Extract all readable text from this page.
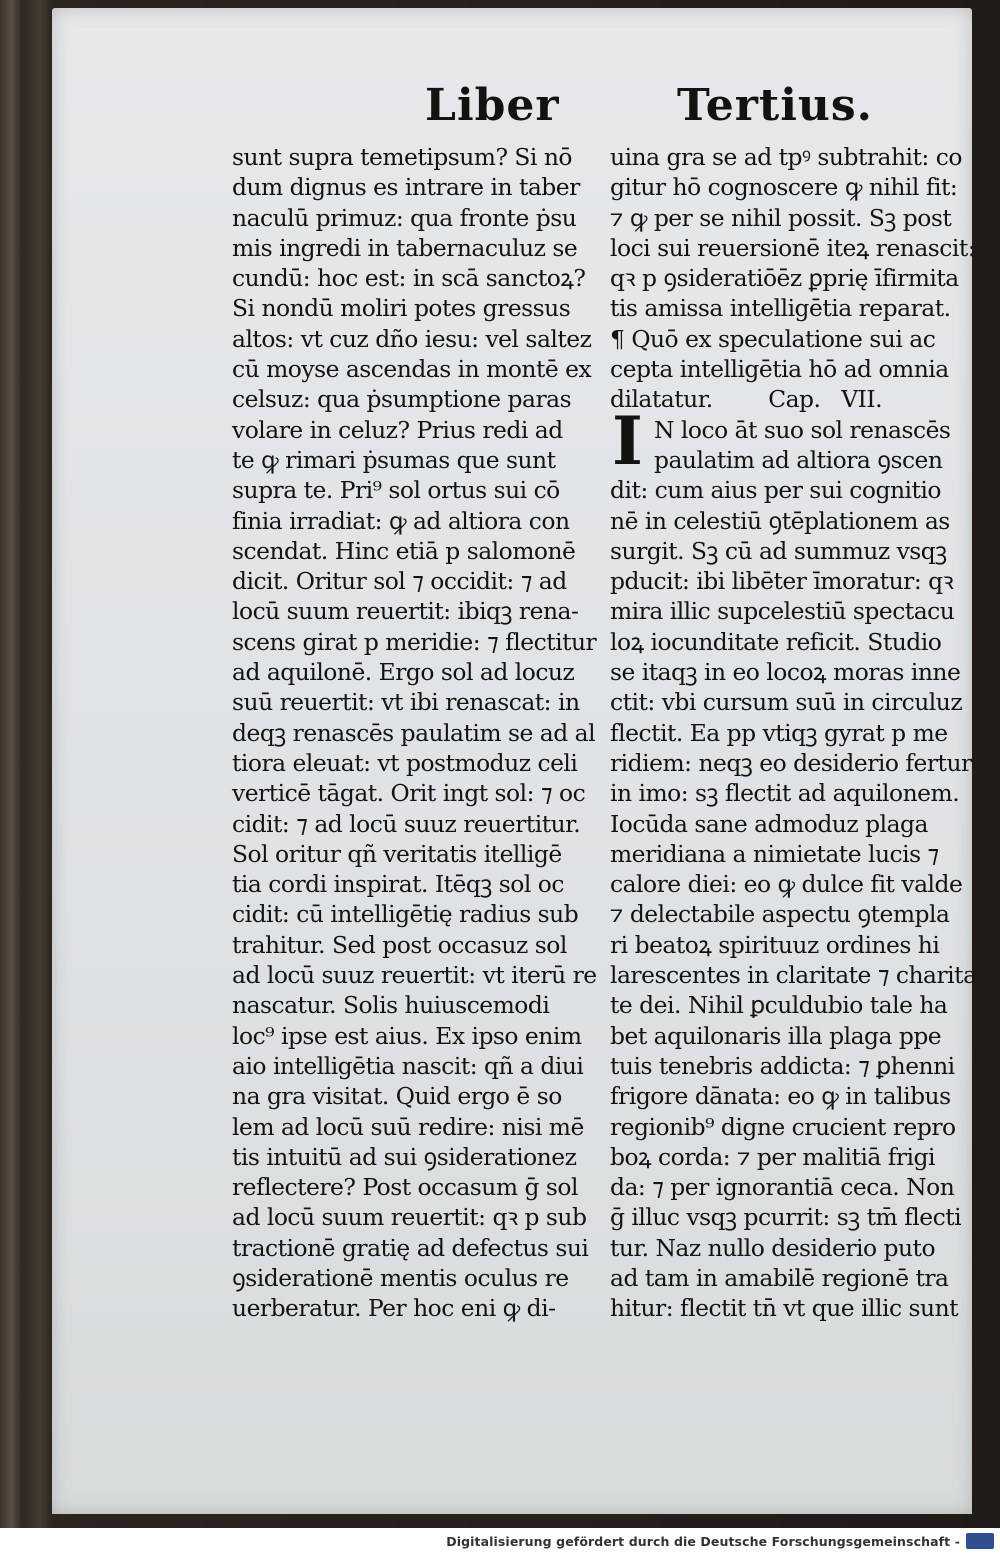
Liber	Tertius.
sunt supra temetipsum? Si nō
dum dignus es intrare in taber
naculū primuz: qua fronte ṗsu
mis ingredi in tabernaculuz se
cundū: hoc est: in scā sanctoꝝ?
Si nondū moliri potes gressus
altos: vt cuz dño iesu: vel saltez
cū moyse ascendas in montē ex
celsuz: qua ṗsumptione paras
volare in celuz? Prius redi ad
te ꝙ rimari ṗsumas que sunt
supra te. Pri⁹ sol ortus sui cō
finia irradiat: ꝙ ad altiora con
scendat. Hinc etiā p salomonē
dicit. Oritur sol ⁊ occidit: ⁊ ad
locū suum reuertit: ibiqꝫ rena-
scens girat p meridie: ⁊ flectitur
ad aquilonē. Ergo sol ad locuz
suū reuertit: vt ibi renascat: in
deqꝫ renascēs paulatim se ad al
tiora eleuat: vt postmoduz celi
verticē tāgat. Orit ingt sol: ⁊ oc
cidit: ⁊ ad locū suuz reuertitur.
Sol oritur qñ veritatis itelligē
tia cordi inspirat. Itēqꝫ sol oc
cidit: cū intelligētię radius sub
trahitur. Sed post occasuz sol
ad locū suuz reuertit: vt iterū re
nascatur. Solis huiuscemodi
loc⁹ ipse est aius. Ex ipso enim
aio intelligētia nascit: qñ a diui
na gra visitat. Quid ergo ē so
lem ad locū suū redire: nisi mē
tis intuitū ad sui ꝯsiderationez
reflectere? Post occasum ḡ sol
ad locū suum reuertit: qꝛ p sub
tractionē gratię ad defectus sui
ꝯsiderationē mentis oculus re
uerberatur. Per hoc eni ꝙ di-
uina gra se ad tpꝰ subtrahit: co
gitur hō cognoscere ꝙ nihil fit:
⁊ ꝙ per se nihil possit. Sꝫ post
loci sui reuersionē iteꝝ renascit:
qꝛ p ꝯsideratiōēz ꝑprię īfirmita
tis amissa intelligētia reparat.
¶ Quō ex speculatione sui ac
cepta intelligētia hō ad omnia
dilatatur.        Cap.   VII.
N loco āt suo sol renascēs
paulatim ad altiora ꝯscen
dit: cum aius per sui cognitio
nē in celestiū ꝯtēplationem as
surgit. Sꝫ cū ad summuz vsqꝫ
pducit: ibi libēter īmoratur: qꝛ
mira illic supcelestiū spectacu
loꝝ iocunditate reficit. Studio
se itaqꝫ in eo locoꝝ moras inne
ctit: vbi cursum suū in circuluz
flectit. Ea pp vtiqꝫ gyrat p me
ridiem: neqꝫ eo desiderio fertur
in imo: sꝫ flectit ad aquilonem.
Iocūda sane admoduz plaga
meridiana a nimietate lucis ⁊
calore diei: eo ꝙ dulce fit valde
⁊ delectabile aspectu ꝯtempla
ri beatoꝝ spirituuz ordines hi
larescentes in claritate ⁊ charita
te dei. Nihil ꝑculdubio tale ha
bet aquilonaris illa plaga ppe
tuis tenebris addicta: ⁊ ꝑhenni
frigore dānata: eo ꝙ in talibus
regionib⁹ digne crucient repro
boꝝ corda: ⁊ per malitiā frigi
da: ⁊ per ignorantiā ceca. Non
ḡ illuc vsqꝫ pcurrit: sꝫ tm̄ flecti
tur. Naz nullo desiderio puto
ad tam in amabilē regionē tra
hitur: flectit tn̄ vt que illic sunt
I
Digitalisierung gefördert durch die Deutsche Forschungsgemeinschaft -
